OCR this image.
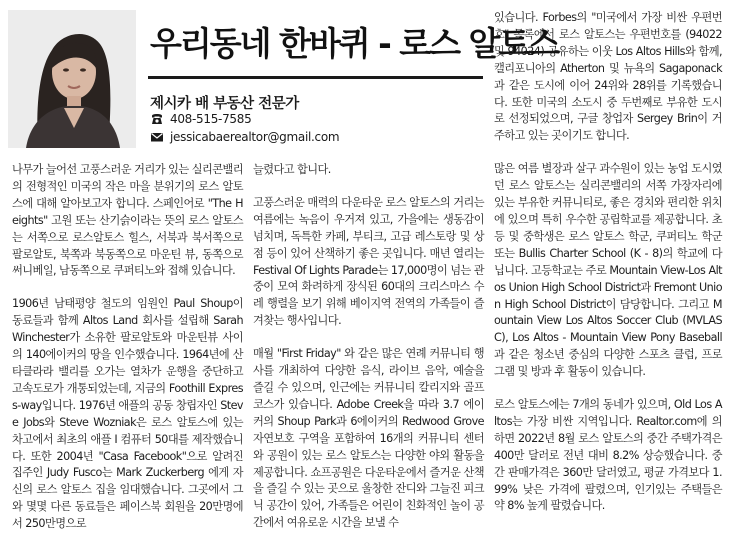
우리동네 한바퀴 - 로스 알토스
제시카 배 부동산 전문가
408-515-7585
jessicabaerealtor@gmail.com

나무가 늘어선 고풍스러운 거리가 있는 실리콘밸리의 전형적인 미국의 작은 마을 분위기의 로스 알토스에 대해 알아보고자 합니다. 스페인어로 "The Heights" 고원 또는 산기슭이라는 뜻의 로스 알토스는 서쪽으로 로스알토스 힐스, 서북과 북서쪽으로 팔로알토, 북쪽과 북동쪽으로 마운틴 뷰, 동쪽으로 써니베일, 남동쪽으로 쿠퍼티노와 접해 있습니다.

1906년 남태평양 철도의 임원인 Paul Shoup이 동료들과 함께 Altos Land 회사를 설립해 Sarah Winchester가 소유한 팔로알토와 마운틴뷰 사이의 140에이커의 땅을 인수했습니다. 1964년에 산타클라라 밸리를 오가는 열차가 운행을 중단하고 고속도로가 개통되었는데, 지금의 Foothill Express-way입니다. 1976년 애플의 공동 창립자인 Steve Jobs와 Steve Wozniak은 로스 알토스에 있는 차고에서 최초의 애플 I 컴퓨터 50대를 제작했습니다. 또한 2004년 "Casa Facebook"으로 알려진 집주인 Judy Fusco는 Mark Zuckerberg 에게 자신의 로스 알토스 집을 임대했습니다. 그곳에서 그와 몇몇 다른 동료들은 페이스북 회원을 20만명에서 250만명으로

늘렸다고 합니다.

고풍스러운 매력의 다운타운 로스 알토스의 거리는 여름에는 녹음이 우거져 있고, 가을에는 생동감이 넘치며, 독특한 카페, 부티크, 고급 레스토랑 및 상점 등이 있어 산책하기 좋은 곳입니다. 매년 열리는 Festival Of Lights Parade는 17,000명이 넘는 관중이 모여 화려하게 장식된 60대의 크리스마스 수레 행렬을 보기 위해 베이지역 전역의 가족들이 즐겨찾는 행사입니다.

매월 "First Friday" 와 같은 많은 연례 커뮤니티 행사를 개최하여 다양한 음식, 라이브 음악, 예술을 즐길 수 있으며, 인근에는 커뮤니티 칼리지와 골프코스가 있습니다. Adobe Creek을 따라 3.7 에이커의 Shoup Park과 6에이커의 Redwood Grove 자연보호 구역을 포함하여 16개의 커뮤니티 센터와 공원이 있는 로스 알토스는 다양한 야외 활동을 제공합니다. 쇼프공원은 다운타운에서 즐거운 산책을 즐길 수 있는 곳으로 울창한 잔디와 그늘진 피크닉 공간이 있어, 가족들은 어린이 친화적인 놀이 공간에서 여유로운 시간을 보낼 수

있습니다. Forbes의 "미국에서 가장 비싼 우편번호" 목록에서 로스 알토스는 우편번호를 (94022 및 94024) 공유하는 이웃 Los Altos Hills와 함께, 캘리포니아의 Atherton 및 뉴욕의 Sagaponack 과 같은 도시에 이어 24위와 28위를 기록했습니다. 또한 미국의 소도시 중 두번째로 부유한 도시로 선정되었으며, 구글 창업자 Sergey Brin이 거주하고 있는 곳이기도 합니다.

많은 여름 별장과 살구 과수원이 있는 농업 도시였던 로스 알토스는 실리콘밸리의 서쪽 가장자리에 있는 부유한 커뮤니티로, 좋은 경치와 편리한 위치에 있으며 특히 우수한 공립학교를 제공합니다. 초등 및 중학생은 로스 알토스 학군, 쿠퍼티노 학군 또는 Bullis Charter School (K - 8)의 학교에 다닙니다. 고등학교는 주로 Mountain View-Los Altos Union High School District과 Fremont Union High School District이 담당합니다. 그리고 Mountain View Los Altos Soccer Club (MVLASC), Los Altos - Mountain View Pony Baseball과 같은 청소년 중심의 다양한 스포츠 클럽, 프로그램 및 방과 후 활동이 있습니다.

로스 알토스에는 7개의 동네가 있으며, Old Los Altos는 가장 비싼 지역입니다. Realtor.com에 의하면 2022년 8월 로스 알토스의 중간 주택가격은 400만 달러로 전년 대비 8.2% 상승했습니다. 중간 판매가격은 360만 달러였고, 평균 가격보다 1.99% 낮은 가격에 팔렸으며, 인기있는 주택들은 약 8% 높게 팔렸습니다.
